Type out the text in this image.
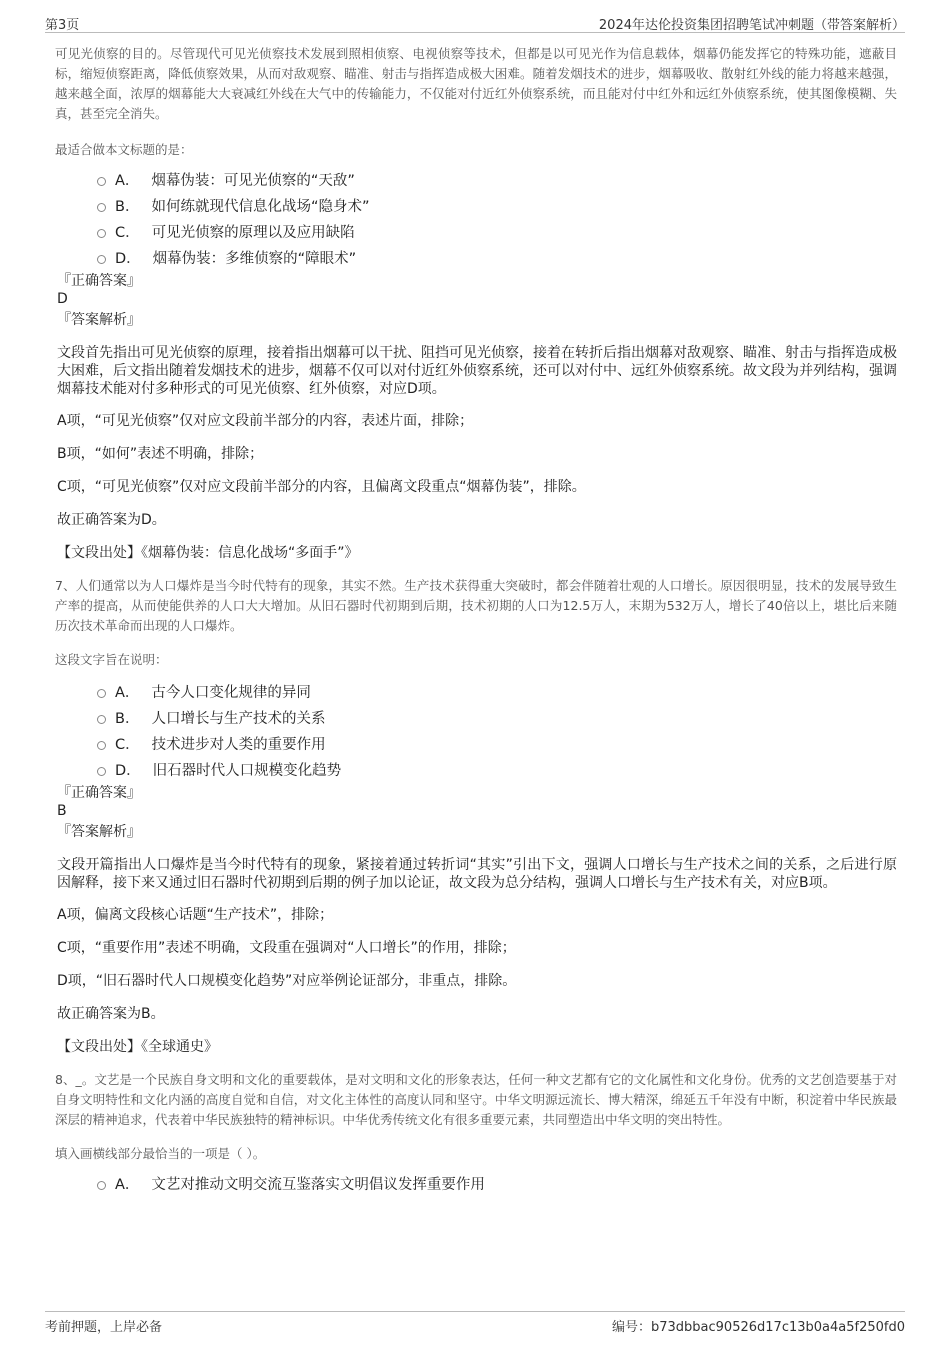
第3页	2024年达伦投资集团招聘笔试冲刺题（带答案解析）

可见光侦察的目的。尽管现代可见光侦察技术发展到照相侦察、电视侦察等技术，但都是以可见光作为信息载体，烟幕仍能发挥它的特殊功能，遮蔽目标，缩短侦察距离，降低侦察效果，从而对敌观察、瞄准、射击与指挥造成极大困难。随着发烟技术的进步，烟幕吸收、散射红外线的能力将越来越强，越来越全面，浓厚的烟幕能大大衰减红外线在大气中的传输能力，不仅能对付近红外侦察系统，而且能对付中红外和远红外侦察系统，使其图像模糊、失真，甚至完全消失。

最适合做本文标题的是：

A． 烟幕伪装：可见光侦察的“天敌”
B． 如何练就现代信息化战场“隐身术”
C． 可见光侦察的原理以及应用缺陷
D． 烟幕伪装：多维侦察的“障眼术”
『正确答案』
D
『答案解析』

文段首先指出可见光侦察的原理，接着指出烟幕可以干扰、阻挡可见光侦察，接着在转折后指出烟幕对敌观察、瞄准、射击与指挥造成极大困难，后文指出随着发烟技术的进步，烟幕不仅可以对付近红外侦察系统，还可以对付中、远红外侦察系统。故文段为并列结构，强调烟幕技术能对付多种形式的可见光侦察、红外侦察，对应D项。

A项，“可见光侦察”仅对应文段前半部分的内容，表述片面，排除；

B项，“如何”表述不明确，排除；

C项，“可见光侦察”仅对应文段前半部分的内容，且偏离文段重点“烟幕伪装”，排除。

故正确答案为D。

【文段出处】《烟幕伪装：信息化战场“多面手”》

7、人们通常以为人口爆炸是当今时代特有的现象，其实不然。生产技术获得重大突破时，都会伴随着壮观的人口增长。原因很明显，技术的发展导致生产率的提高，从而使能供养的人口大大增加。从旧石器时代初期到后期，技术初期的人口为12.5万人，末期为532万人，增长了40倍以上，堪比后来随历次技术革命而出现的人口爆炸。

这段文字旨在说明：

A． 古今人口变化规律的异同
B． 人口增长与生产技术的关系
C． 技术进步对人类的重要作用
D． 旧石器时代人口规模变化趋势
『正确答案』
B
『答案解析』

文段开篇指出人口爆炸是当今时代特有的现象，紧接着通过转折词“其实”引出下文，强调人口增长与生产技术之间的关系，之后进行原因解释，接下来又通过旧石器时代初期到后期的例子加以论证，故文段为总分结构，强调人口增长与生产技术有关，对应B项。

A项，偏离文段核心话题“生产技术”，排除；

C项，“重要作用”表述不明确，文段重在强调对“人口增长”的作用，排除；

D项，“旧石器时代人口规模变化趋势”对应举例论证部分，非重点，排除。

故正确答案为B。

【文段出处】《全球通史》

8、_。文艺是一个民族自身文明和文化的重要载体，是对文明和文化的形象表达，任何一种文艺都有它的文化属性和文化身份。优秀的文艺创造要基于对自身文明特性和文化内涵的高度自觉和自信，对文化主体性的高度认同和坚守。中华文明源远流长、博大精深，绵延五千年没有中断，积淀着中华民族最深层的精神追求，代表着中华民族独特的精神标识。中华优秀传统文化有很多重要元素，共同塑造出中华文明的突出特性。

填入画横线部分最恰当的一项是（ ）。

A． 文艺对推动文明交流互鉴落实文明倡议发挥重要作用
考前押题，上岸必备	编号：b73dbbac90526d17c13b0a4a5f250fd0
